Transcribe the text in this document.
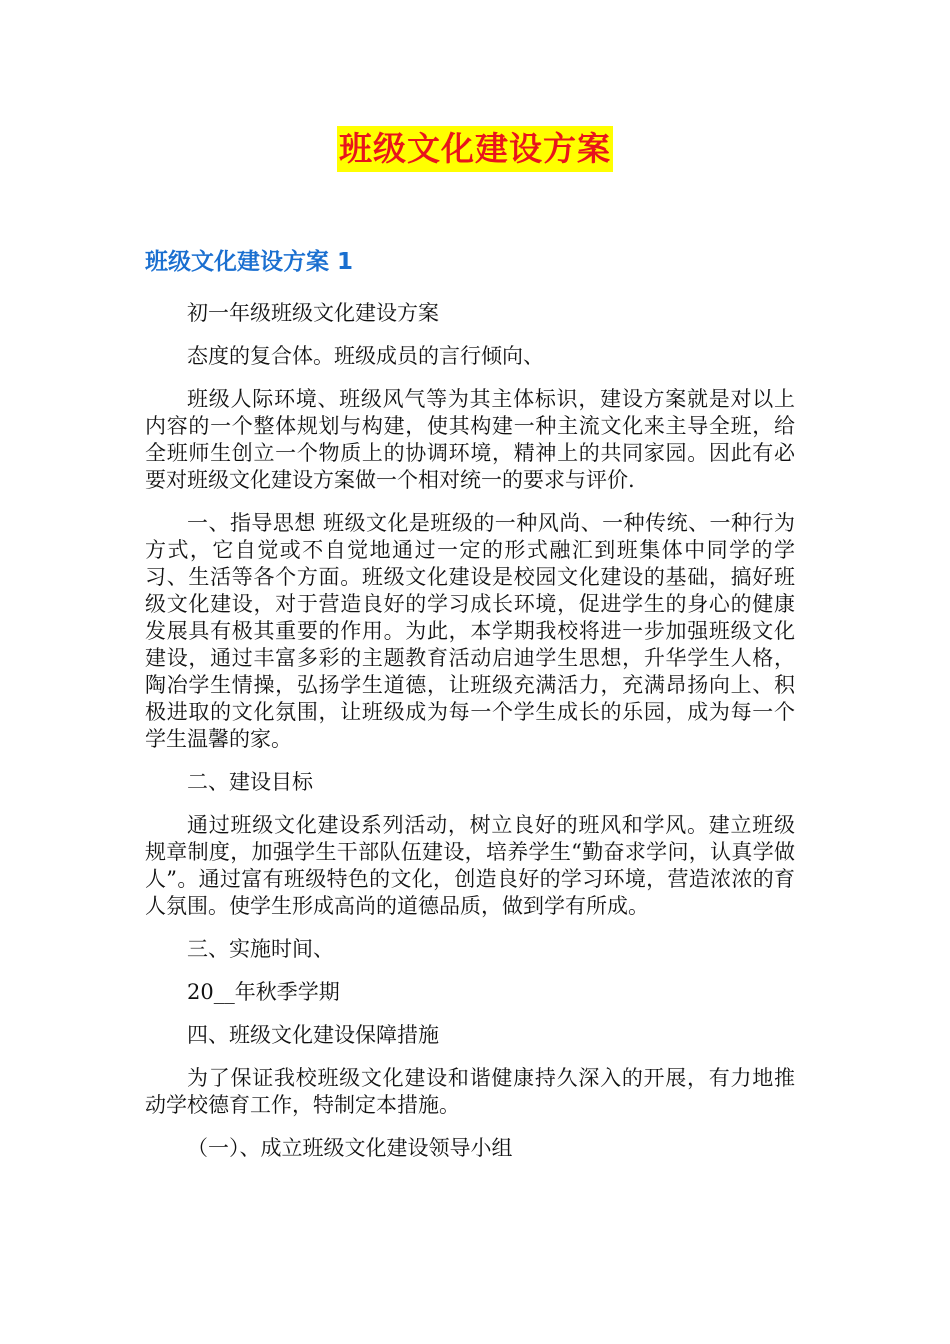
班级文化建设方案
班级文化建设方案 1

初一年级班级文化建设方案

态度的复合体。班级成员的言行倾向、

班级人际环境、班级风气等为其主体标识，建设方案就是对以上内容的一个整体规划与构建，使其构建一种主流文化来主导全班，给全班师生创立一个物质上的协调环境，精神上的共同家园。因此有必要对班级文化建设方案做一个相对统一的要求与评价.

一、指导思想 班级文化是班级的一种风尚、一种传统、一种行为方式，它自觉或不自觉地通过一定的形式融汇到班集体中同学的学习、生活等各个方面。班级文化建设是校园文化建设的基础，搞好班级文化建设，对于营造良好的学习成长环境，促进学生的身心的健康发展具有极其重要的作用。为此，本学期我校将进一步加强班级文化建设，通过丰富多彩的主题教育活动启迪学生思想，升华学生人格，陶冶学生情操，弘扬学生道德，让班级充满活力，充满昂扬向上、积极进取的文化氛围，让班级成为每一个学生成长的乐园，成为每一个学生温馨的家。

二、建设目标

通过班级文化建设系列活动，树立良好的班风和学风。建立班级规章制度，加强学生干部队伍建设，培养学生“勤奋求学问，认真学做人”。通过富有班级特色的文化，创造良好的学习环境，营造浓浓的育人氛围。使学生形成高尚的道德品质，做到学有所成。

三、实施时间、

20__年秋季学期

四、班级文化建设保障措施

为了保证我校班级文化建设和谐健康持久深入的开展，有力地推动学校德育工作，特制定本措施。

（一）、成立班级文化建设领导小组
